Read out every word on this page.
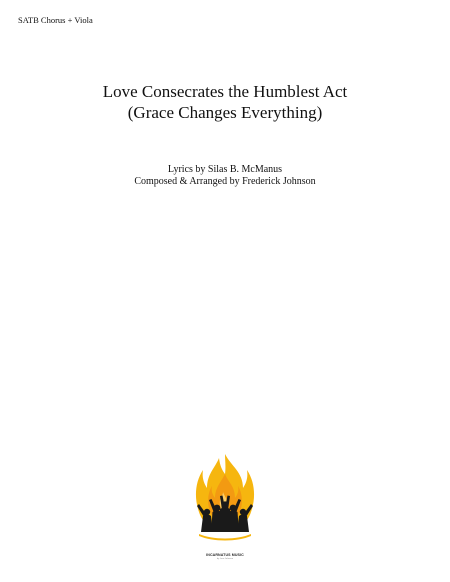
SATB Chorus + Viola
Love Consecrates the Humblest Act
(Grace Changes Everything)
Lyrics by Silas B. McManus
Composed & Arranged by Frederick Johnson
INCARNATUS MUSIC
by Lora Johnson
